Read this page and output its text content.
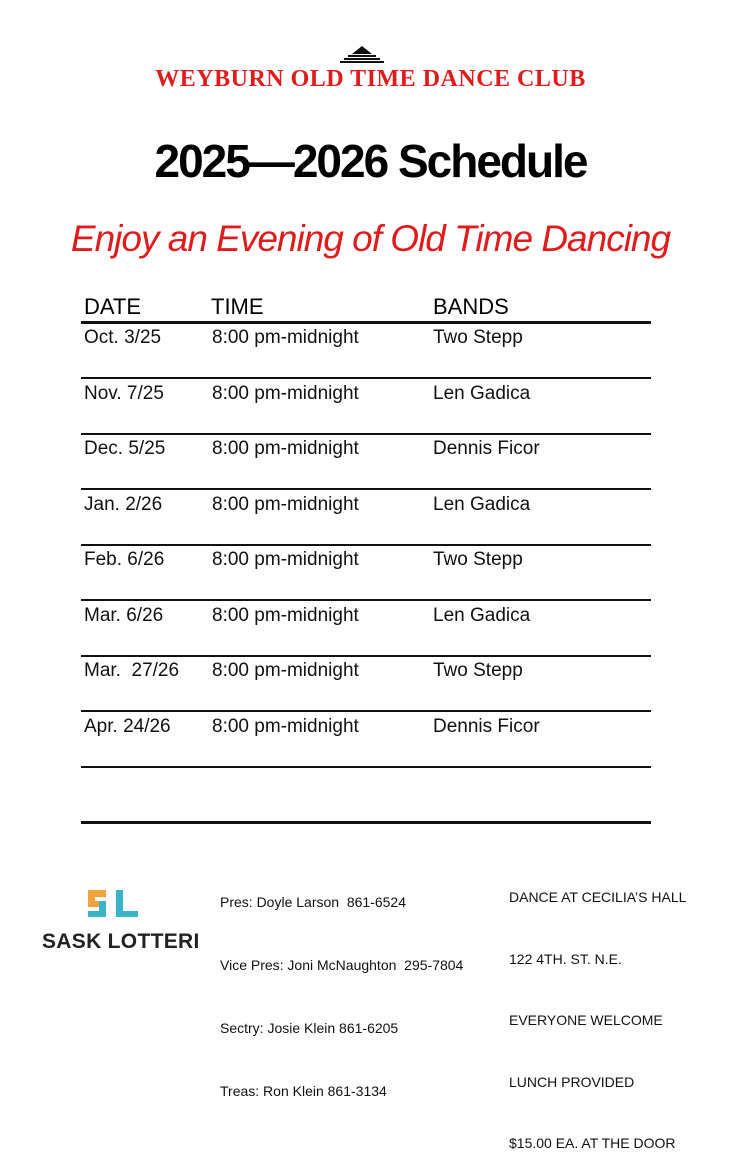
WEYBURN OLD TIME DANCE CLUB
2025—2026 Schedule
Enjoy an Evening of Old Time Dancing
DATE	TIME	BANDS
Oct. 3/25	8:00 pm-midnight	Two Stepp
Nov. 7/25	8:00 pm-midnight	Len Gadica
Dec. 5/25 8:00 pm-midnight	Dennis Ficor
Jan. 2/26	8:00 pm-midnight	Len Gadica
Feb. 6/26	8:00 pm-midnight	Two Stepp
Mar. 6/26	8:00 pm-midnight	Len Gadica
Mar.  27/26 8:00 pm-midnight	Two Stepp
Apr. 24/26 8:00 pm-midnight	Dennis Ficor

Pres: Doyle Larson  861-6524

Vice Pres: Joni McNaughton  295-7804

Sectry: Josie Klein 861-6205

Treas: Ron Klein 861-3134

DANCE AT CECILIA’S HALL

122 4TH. ST. N.E.

EVERYONE WELCOME

LUNCH PROVIDED

$15.00 EA. AT THE DOOR

SASK LOTTERI
